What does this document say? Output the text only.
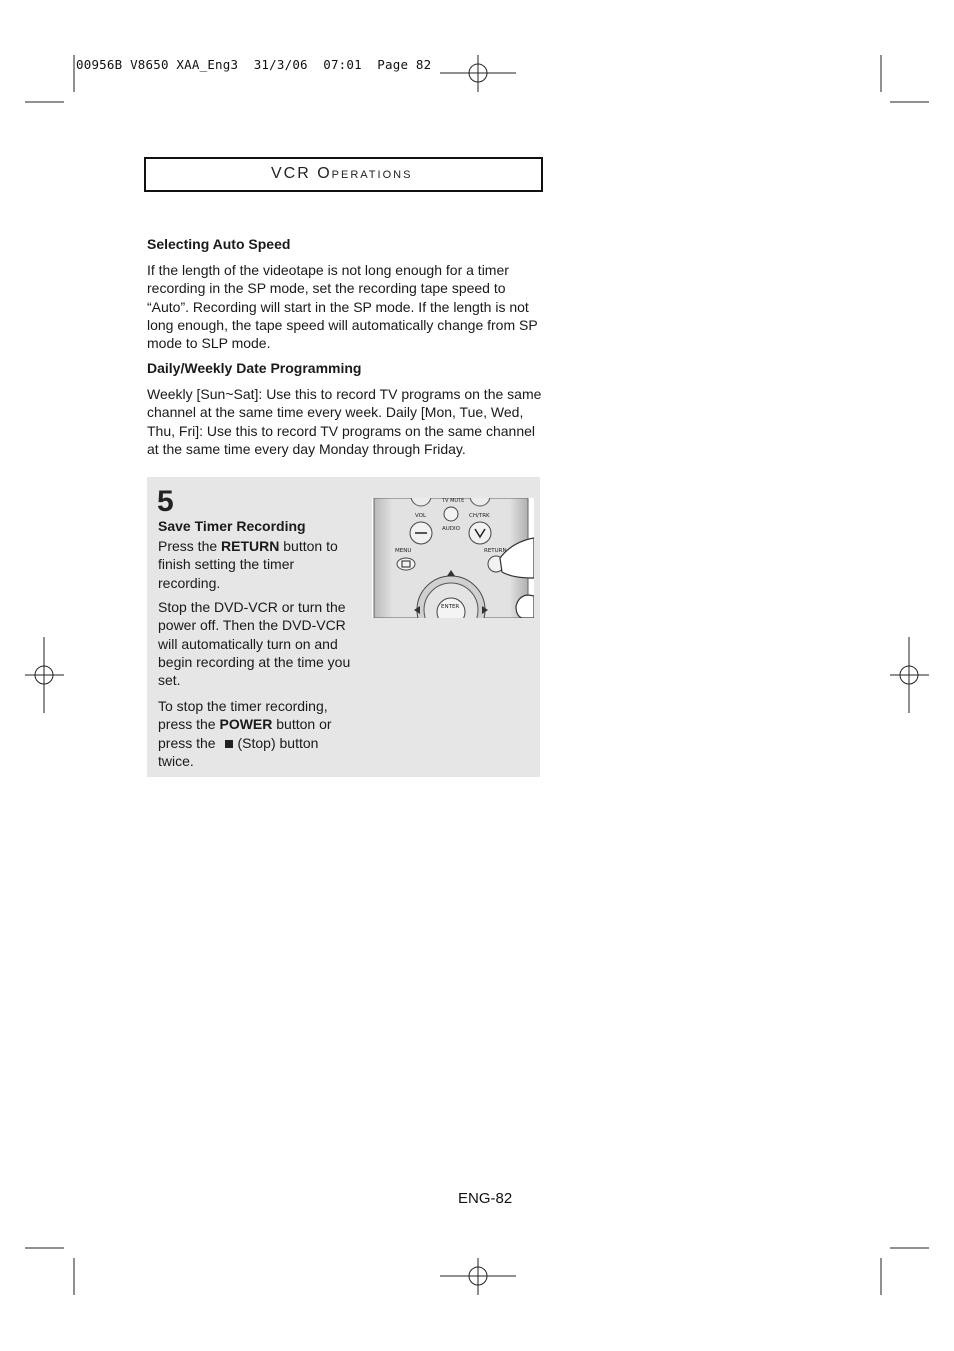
00956B V8650 XAA_Eng3  31/3/06  07:01  Page 82
VCR Operations
Selecting Auto Speed
If the length of the videotape is not long enough for a timer recording in the SP mode, set the recording tape speed to “Auto”. Recording will start in the SP mode. If the length is not long enough, the tape speed will automatically change from SP mode to SLP mode.
Daily/Weekly Date Programming
Weekly [Sun~Sat]: Use this to record TV programs on the same channel at the same time every week. Daily [Mon, Tue, Wed, Thu, Fri]: Use this to record TV programs on the same channel at the same time every day Monday through Friday.
5
Save Timer Recording
Press the RETURN button to finish setting the timer recording.
Stop the DVD-VCR or turn the power off. Then the DVD-VCR will automatically turn on and begin recording at the time you set.
To stop the timer recording, press the POWER button or press the (Stop) button twice.
TV MUTE
VOL	CH/TRK
AUDIO
MENU	RETURN
ENTER
ENG-82
